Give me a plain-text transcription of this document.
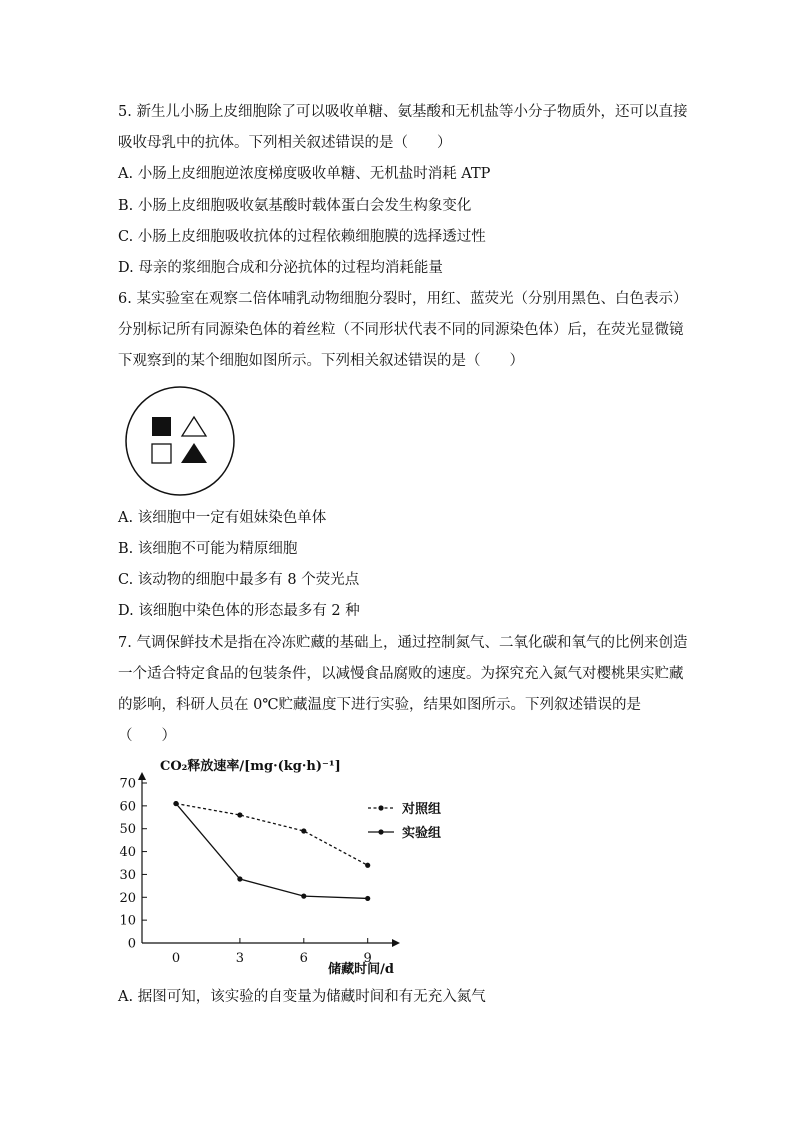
5. 新生儿小肠上皮细胞除了可以吸收单糖、氨基酸和无机盐等小分子物质外，还可以直接
吸收母乳中的抗体。下列相关叙述错误的是（　　）
A. 小肠上皮细胞逆浓度梯度吸收单糖、无机盐时消耗 ATP
B. 小肠上皮细胞吸收氨基酸时载体蛋白会发生构象变化
C. 小肠上皮细胞吸收抗体的过程依赖细胞膜的选择透过性
D. 母亲的浆细胞合成和分泌抗体的过程均消耗能量
6. 某实验室在观察二倍体哺乳动物细胞分裂时，用红、蓝荧光（分别用黑色、白色表示）
分别标记所有同源染色体的着丝粒（不同形状代表不同的同源染色体）后，在荧光显微镜
下观察到的某个细胞如图所示。下列相关叙述错误的是（　　）
A. 该细胞中一定有姐妹染色单体
B. 该细胞不可能为精原细胞
C. 该动物的细胞中最多有 8 个荧光点
D. 该细胞中染色体的形态最多有 2 种
7. 气调保鲜技术是指在冷冻贮藏的基础上，通过控制氮气、二氧化碳和氧气的比例来创造
一个适合特定食品的包装条件，以减慢食品腐败的速度。为探究充入氮气对樱桃果实贮藏
的影响，科研人员在 0℃贮藏温度下进行实验，结果如图所示。下列叙述错误的是
（　　）
70
60
50
40
30
20
10
0
0	3	6	9
CO₂释放速率/[mg·(kg·h)⁻¹]
储藏时间/d
对照组
实验组
A. 据图可知，该实验的自变量为储藏时间和有无充入氮气
